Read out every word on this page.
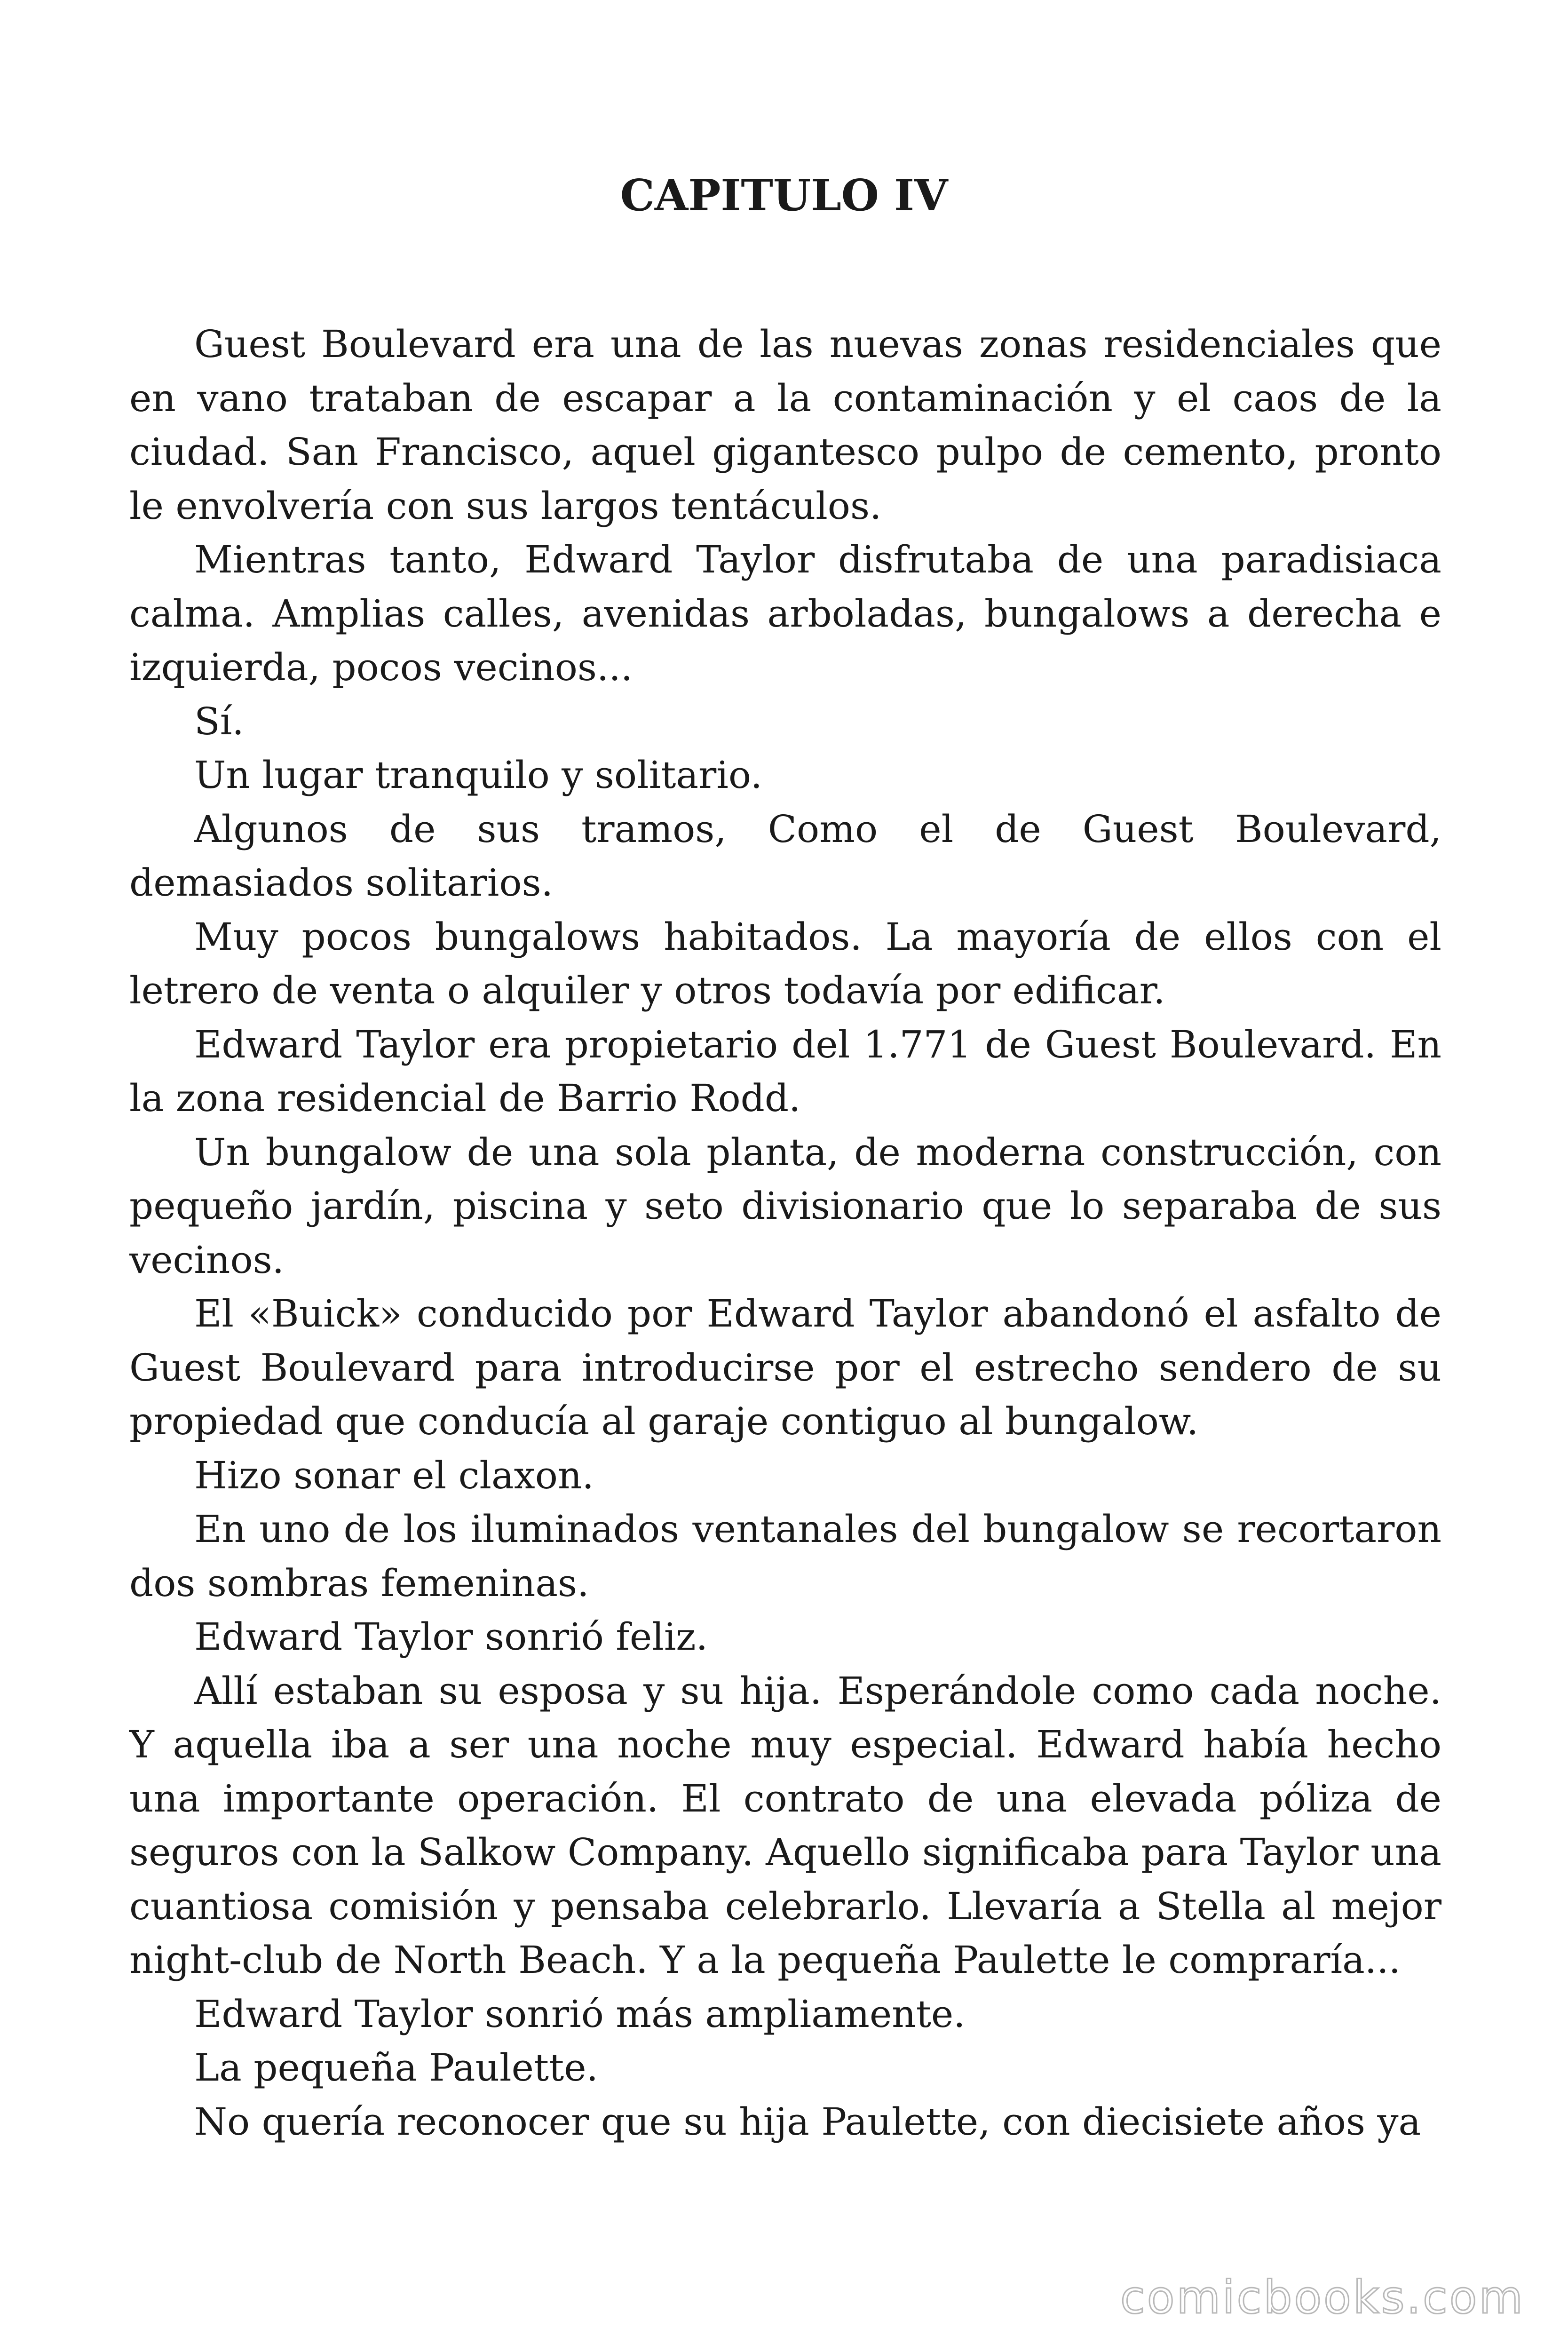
CAPITULO IV

Guest Boulevard era una de las nuevas zonas residenciales que en vano trataban de escapar a la contaminación y el caos de la ciudad. San Francisco, aquel gigantesco pulpo de cemento, pronto le envolvería con sus largos tentáculos.

Mientras tanto, Edward Taylor disfrutaba de una paradisiaca calma. Amplias calles, avenidas arboladas, bungalows a derecha e izquierda, pocos vecinos...

Sí.

Un lugar tranquilo y solitario.

Algunos de sus tramos, Como el de Guest Boulevard, demasiados solitarios.

Muy pocos bungalows habitados. La mayoría de ellos con el letrero de venta o alquiler y otros todavía por edificar.

Edward Taylor era propietario del 1.771 de Guest Boulevard. En la zona residencial de Barrio Rodd.

Un bungalow de una sola planta, de moderna construcción, con pequeño jardín, piscina y seto divisionario que lo separaba de sus vecinos.

El «Buick» conducido por Edward Taylor abandonó el asfalto de Guest Boulevard para introducirse por el estrecho sendero de su propiedad que conducía al garaje contiguo al bungalow.

Hizo sonar el claxon.

En uno de los iluminados ventanales del bungalow se recortaron dos sombras femeninas.

Edward Taylor sonrió feliz.

Allí estaban su esposa y su hija. Esperándole como cada noche. Y aquella iba a ser una noche muy especial. Edward había hecho una importante operación. El contrato de una elevada póliza de seguros con la Salkow Company. Aquello significaba para Taylor una cuantiosa comisión y pensaba celebrarlo. Llevaría a Stella al mejor night-club de North Beach. Y a la pequeña Paulette le compraría...

Edward Taylor sonrió más ampliamente.

La pequeña Paulette.

No quería reconocer que su hija Paulette, con diecisiete años ya

comicbooks.com
